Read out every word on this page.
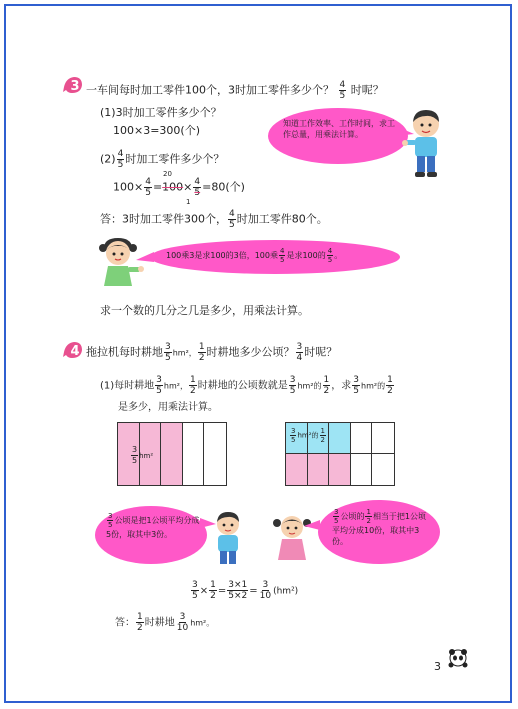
3 一车间每时加工零件100个，3时加工零件多少个？ $\frac{4}{5}$ 时呢？
(1)3时加工零件多少个？
100×3=300(个)
$(2) \frac{4}{5}$ 时加工零件多少个？
20
1
$100\times \frac{4}{5} =100\times \frac{4}{5} =80$(个)
答：3时加工零件300个， $\frac{4}{5}$ 时加工零件80个。
知道工作效率、工作时间，求工作总量，用乘法计算。
100乘3是求100的3倍，100乘 $\frac{4}{5}$ 是求100的 $\frac{4}{5}$ 。
求一个数的几分之几是多少，用乘法计算。
4 拖拉机每时耕地 $\frac{3}{5} hm^2$， $\frac{1}{2}$ 时耕地多少公顷？ $\frac{3}{4}$ 时呢？
(1)每时耕地 $\frac{3}{5} hm^2$， $\frac{1}{2}$ 时耕地的公顷数就是 $\frac{3}{5} hm^2$的 $\frac{1}{2}$ ，求 $\frac{3}{5} hm^2$的 $\frac{1}{2}$
是多少，用乘法计算。
$\frac{3}{5} hm^2$
$\frac{3}{5} hm^2$的 $\frac{1}{2}$
$\frac{3}{5}$ 公顷是把1公顷平均分成5份，取其中3份。
$\frac{3}{5}$ 公顷的 $\frac{1}{2}$ 相当于把1公顷平均分成10份，取其中3份。
$\frac{3}{5} \times \frac{1}{2} = \frac{3\times 1}{5\times 2} = \frac{3}{10} (hm^2)$
答： $\frac{1}{2}$ 时耕地 $\frac{3}{10} hm^2$。
3
